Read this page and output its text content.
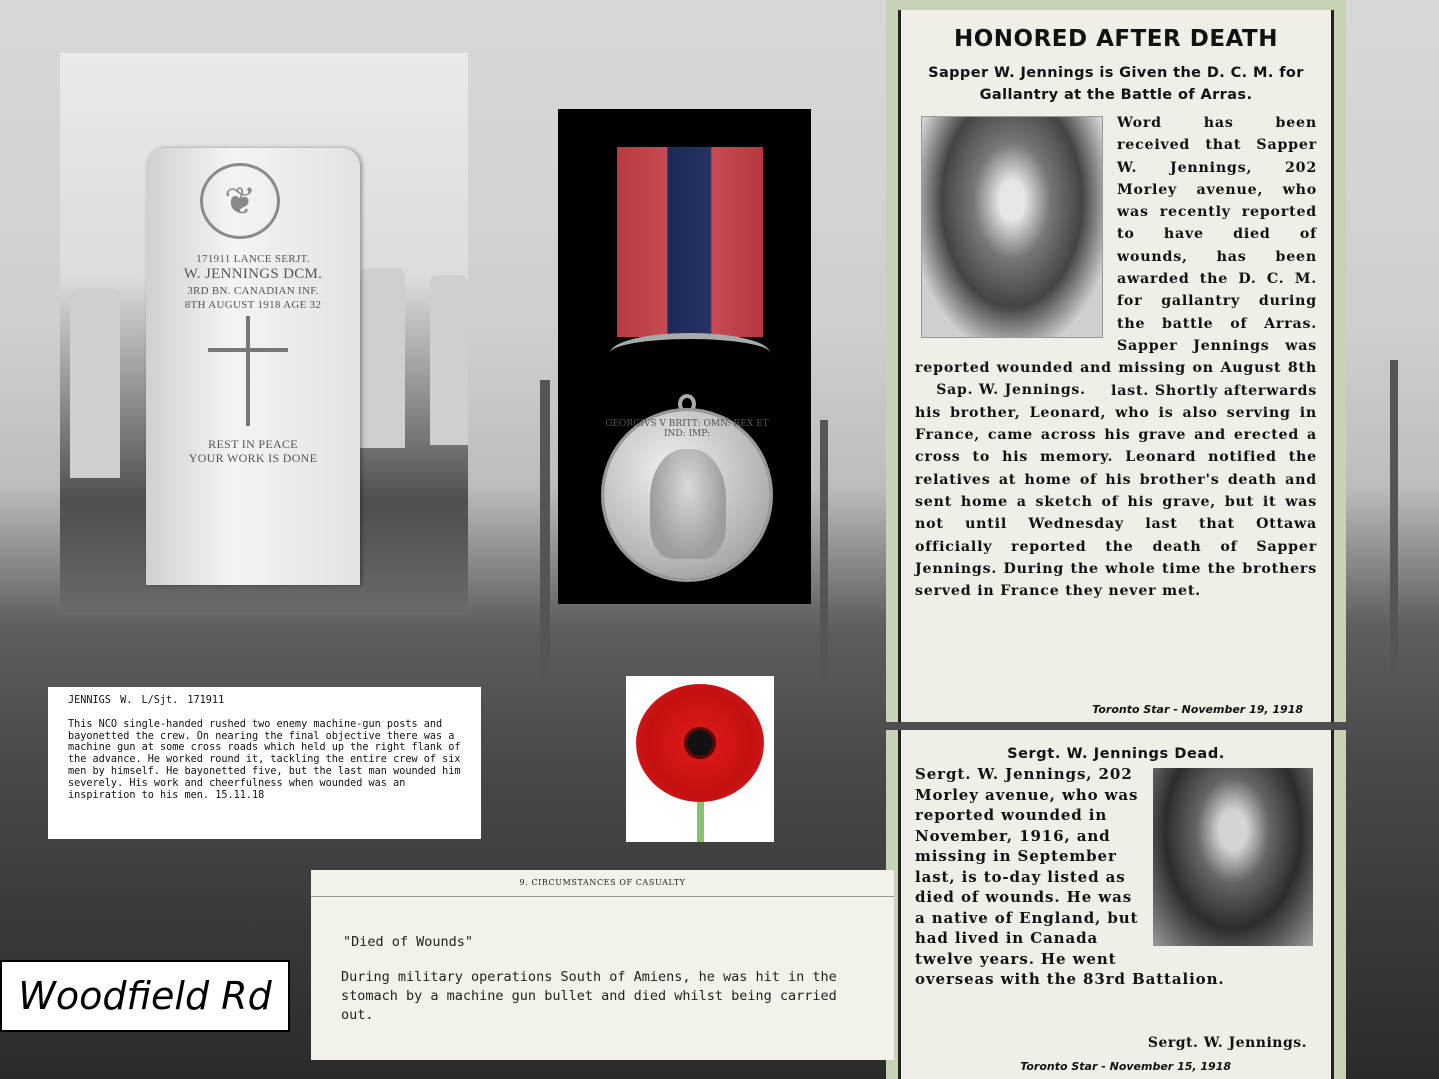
❦
171911 LANCE SERJT.
W. JENNINGS DCM.
3RD BN. CANADIAN INF.
8TH AUGUST 1918 AGE 32
REST IN PEACE
YOUR WORK IS DONE
GEORGIVS V BRITT: OMN: REX ET IND: IMP:
HONORED AFTER DEATH
Sapper W. Jennings is Given the D. C. M. for Gallantry at the Battle of Arras.
Word has been received that Sapper W. Jennings, 202 Morley avenue, who was recently reported to have died of wounds, has been awarded the D. C. M. for gallantry during the battle of Arras. Sapper Jennings was reported wounded and missing on
Sap. W. Jennings.
August 8th last. Shortly afterwards his brother, Leonard, who is also serving in France, came across his grave and erected a cross to his memory. Leonard notified the relatives at home of his brother's death and sent home a sketch of his grave, but it was not until Wednesday last that Ottawa officially reported the death of Sapper Jennings. During the whole time the brothers served in France they never met.
Toronto Star - November 19, 1918
Sergt. W. Jennings Dead.
Sergt. W. Jennings, 202 Morley avenue, who was reported wounded in November, 1916, and missing in September last, is to-day listed as died of wounds. He was a native of England, but had lived in Canada twelve years. He went overseas with the 83rd Battalion.
Sergt. W. Jennings.
Toronto Star - November 15, 1918
JENNIGS W. L/Sjt. 171911
This NCO single-handed rushed two enemy machine-gun posts and bayonetted the crew. On nearing the final objective there was a machine gun at some cross roads which held up the right flank of the advance. He worked round it, tackling the entire crew of six men by himself. He bayonetted five, but the last man wounded him severely. His work and cheerfulness when wounded was an inspiration to his men. 15.11.18
9. CIRCUMSTANCES OF CASUALTY
"Died of Wounds"
During military operations South of Amiens, he was hit in the stomach by a machine gun bullet and died whilst being carried out.
Woodfield Rd
